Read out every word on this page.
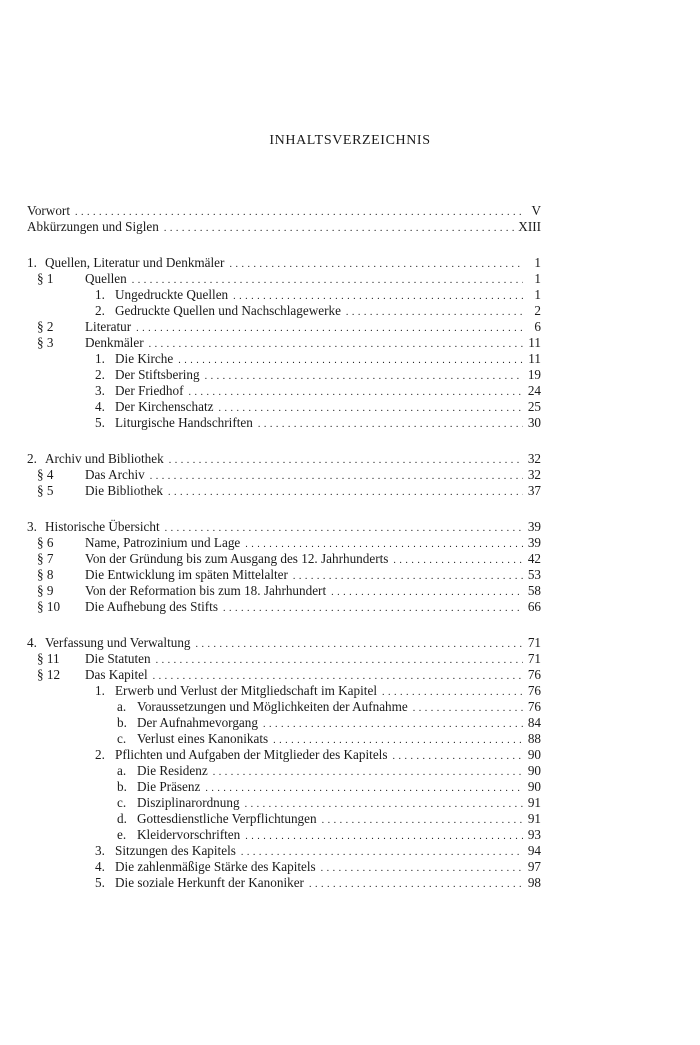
INHALTSVERZEICHNIS
Vorwort . . .	V
Abkürzungen und Siglen . . .	XIII
1. Quellen, Literatur und Denkmäler . . .	1
§ 1	Quellen . . .	1
1. Ungedruckte Quellen . . .	1
2. Gedruckte Quellen und Nachschlagewerke . . .	2
§ 2	Literatur . . .	6
§ 3	Denkmäler . . .	11
1. Die Kirche . . .	11
2. Der Stiftsbering . . .	19
3. Der Friedhof . . .	24
4. Der Kirchenschatz . . .	25
5. Liturgische Handschriften . . .	30
2. Archiv und Bibliothek . . .	32
§ 4	Das Archiv . . .	32
§ 5	Die Bibliothek . . .	37
3. Historische Übersicht . . .	39
§ 6	Name, Patrozinium und Lage . . .	39
§ 7	Von der Gründung bis zum Ausgang des 12. Jahrhunderts . . .	42
§ 8	Die Entwicklung im späten Mittelalter . . .	53
§ 9	Von der Reformation bis zum 18. Jahrhundert . . .	58
§ 10	Die Aufhebung des Stifts . . .	66
4. Verfassung und Verwaltung . . .	71
§ 11	Die Statuten . . .	71
§ 12	Das Kapitel . . .	76
1. Erwerb und Verlust der Mitgliedschaft im Kapitel . . .	76
a. Voraussetzungen und Möglichkeiten der Aufnahme . . .	76
b. Der Aufnahmevorgang . . .	84
c. Verlust eines Kanonikats . . .	88
2. Pflichten und Aufgaben der Mitglieder des Kapitels . . .	90
a. Die Residenz . . .	90
b. Die Präsenz . . .	90
c. Disziplinarordnung . . .	91
d. Gottesdienstliche Verpflichtungen . . .	91
e. Kleidervorschriften . . .	93
3. Sitzungen des Kapitels . . .	94
4. Die zahlenmäßige Stärke des Kapitels . . .	97
5. Die soziale Herkunft der Kanoniker . . .	98
